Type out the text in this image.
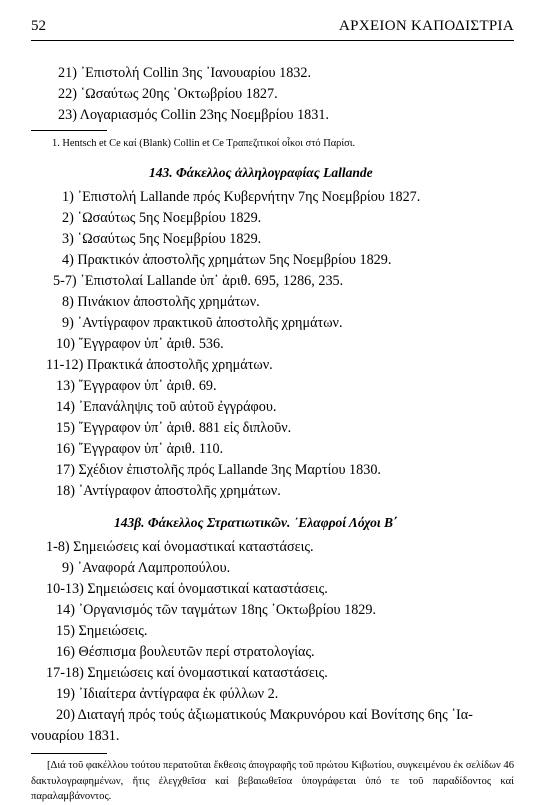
52	ΑΡΧΕΙΟΝ ΚΑΠΟΔΙΣΤΡΙΑ
21) ᾿Επιστολή Collin 3ης ᾿Ιανουαρίου 1832.
22) ῾Ωσαύτως 20ης ᾿Οκτωβρίου 1827.
23) Λογαριασμός Collin 23ης Νοεμβρίου 1831.
1. Hentsch et Ce καί (Blank) Collin et Ce Τραπεζιτικοί οἶκοι στό Παρίσι.
143. Φάκελλος ἀλληλογραφίας Lallande
1) ᾿Επιστολή Lallande πρός Κυβερνήτην 7ης Νοεμβρίου 1827.
2) ῾Ωσαύτως 5ης Νοεμβρίου 1829.
3) ῾Ωσαύτως 5ης Νοεμβρίου 1829.
4) Πρακτικόν ἀποστολῆς χρημάτων 5ης Νοεμβρίου 1829.
5-7) ᾿Επιστολαί Lallande ὑπ᾿ ἀριθ. 695, 1286, 235.
8) Πινάκιον ἀποστολῆς χρημάτων.
9) ᾿Αντίγραφον πρακτικοῦ ἀποστολῆς χρημάτων.
10) ῎Εγγραφον ὑπ᾿ ἀριθ. 536.
11-12) Πρακτικά ἀποστολῆς χρημάτων.
13) ῎Εγγραφον ὑπ᾿ ἀριθ. 69.
14) ᾿Επανάληψις τοῦ αὐτοῦ ἐγγράφου.
15) ῎Εγγραφον ὑπ᾿ ἀριθ. 881 εἰς διπλοῦν.
16) ῎Εγγραφον ὑπ᾿ ἀριθ. 110.
17) Σχέδιον ἐπιστολῆς πρός Lallande 3ης Μαρτίου 1830.
18) ᾿Αντίγραφον ἀποστολῆς χρημάτων.
143β. Φάκελλος Στρατιωτικῶν. ᾿Ελαφροί Λόχοι Β΄
1-8) Σημειώσεις καί ὀνομαστικαί καταστάσεις.
9) ᾿Αναφορά Λαμπροπούλου.
10-13) Σημειώσεις καί ὀνομαστικαί καταστάσεις.
14) ᾿Οργανισμός τῶν ταγμάτων 18ης ᾿Οκτωβρίου 1829.
15) Σημειώσεις.
16) Θέσπισμα βουλευτῶν περί στρατολογίας.
17-18) Σημειώσεις καί ὀνομαστικαί καταστάσεις.
19) ᾿Ιδιαίτερα ἀντίγραφα ἐκ φύλλων 2.
20) Διαταγή πρός τούς ἀξιωματικούς Μακρυνόρου καί Βονίτσης 6ης ᾿Ια-
νουαρίου 1831.
[Διά τοῦ φακέλλου τούτου περατοῦται ἔκθεσις ἀπογραφῆς τοῦ πρώτου Κιβωτίου, συγκειμένου ἐκ σελίδων 46 δακτυλογραφημένων, ἥτις ἐλεγχθεῖσα καί βεβαιωθεῖσα ὑπογράφεται ὑπό τε τοῦ παραδίδοντος καί παραλαμβάνοντος.
